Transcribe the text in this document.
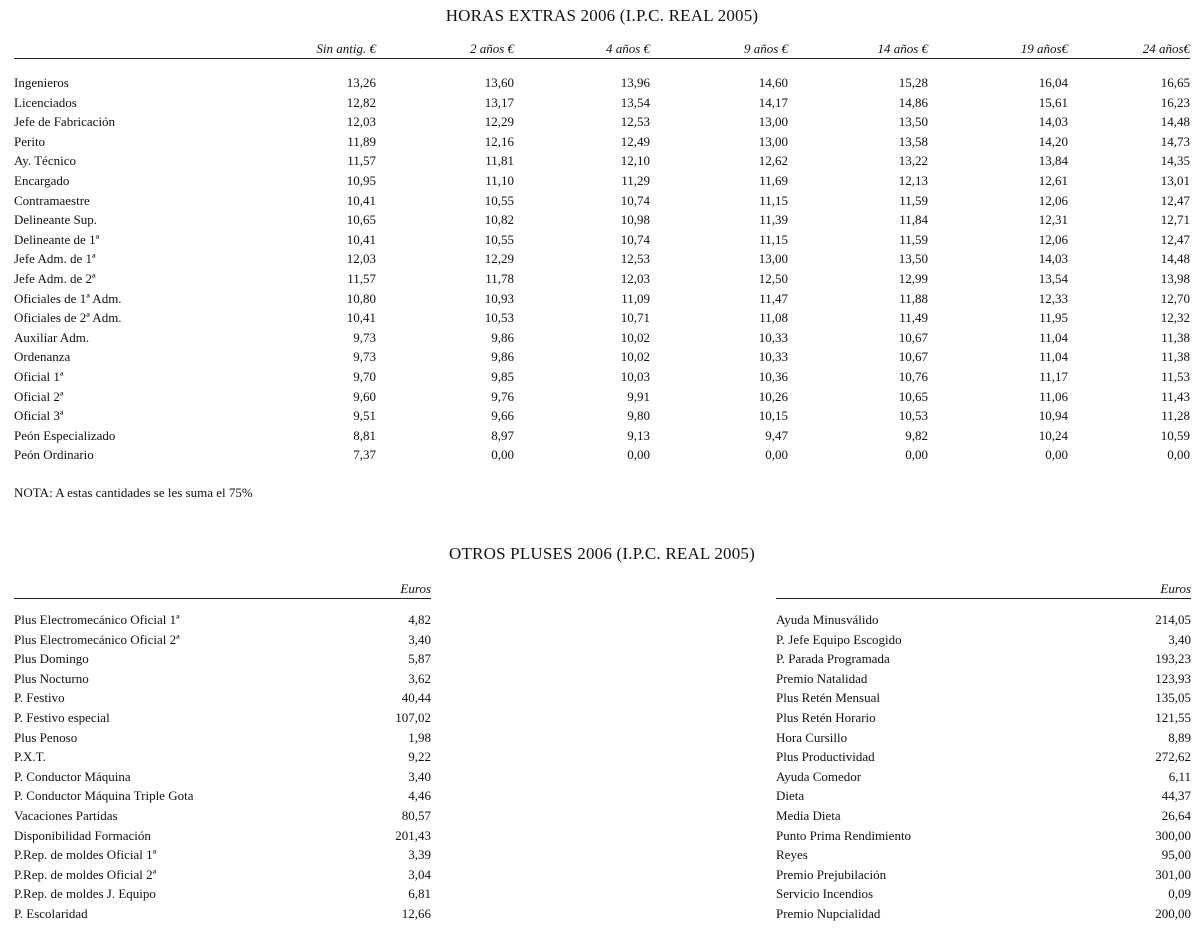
HORAS EXTRAS 2006 (I.P.C. REAL 2005)
	Sin antig. €	2 años €	4 años €	9 años €	14 años €	19 años€	24 años€

Ingenieros	13,26	13,60	13,96	14,60	15,28	16,04	16,65
Licenciados	12,82	13,17	13,54	14,17	14,86	15,61	16,23
Jefe de Fabricación	12,03	12,29	12,53	13,00	13,50	14,03	14,48
Perito	11,89	12,16	12,49	13,00	13,58	14,20	14,73
Ay. Técnico	11,57	11,81	12,10	12,62	13,22	13,84	14,35
Encargado	10,95	11,10	11,29	11,69	12,13	12,61	13,01
Contramaestre	10,41	10,55	10,74	11,15	11,59	12,06	12,47
Delineante Sup.	10,65	10,82	10,98	11,39	11,84	12,31	12,71
Delineante de 1ª	10,41	10,55	10,74	11,15	11,59	12,06	12,47
Jefe Adm. de 1ª	12,03	12,29	12,53	13,00	13,50	14,03	14,48
Jefe Adm. de 2ª	11,57	11,78	12,03	12,50	12,99	13,54	13,98
Oficiales de 1ª Adm.	10,80	10,93	11,09	11,47	11,88	12,33	12,70
Oficiales de 2ª Adm.	10,41	10,53	10,71	11,08	11,49	11,95	12,32
Auxiliar Adm.	9,73	9,86	10,02	10,33	10,67	11,04	11,38
Ordenanza	9,73	9,86	10,02	10,33	10,67	11,04	11,38
Oficial 1ª	9,70	9,85	10,03	10,36	10,76	11,17	11,53
Oficial 2ª	9,60	9,76	9,91	10,26	10,65	11,06	11,43
Oficial 3ª	9,51	9,66	9,80	10,15	10,53	10,94	11,28
Peón Especializado	8,81	8,97	9,13	9,47	9,82	10,24	10,59
Peón Ordinario	7,37	0,00	0,00	0,00	0,00	0,00	0,00
NOTA: A estas cantidades se les suma el 75%
OTROS PLUSES 2006 (I.P.C. REAL 2005)
	Euros

Plus Electromecánico Oficial 1ª	4,82
Plus Electromecánico Oficial 2ª	3,40
Plus Domingo	5,87
Plus Nocturno	3,62
P. Festivo	40,44
P. Festivo especial	107,02
Plus Penoso	1,98
P.X.T.	9,22
P. Conductor Máquina	3,40
P. Conductor Máquina Triple Gota	4,46
Vacaciones Partidas	80,57
Disponibilidad Formación	201,43
P.Rep. de moldes Oficial 1ª	3,39
P.Rep. de moldes Oficial 2ª	3,04
P.Rep. de moldes J. Equipo	6,81
P. Escolaridad	12,66
	Euros

Ayuda Minusválido	214,05
P. Jefe Equipo Escogido	3,40
P. Parada Programada	193,23
Premio Natalidad	123,93
Plus Retén Mensual	135,05
Plus Retén Horario	121,55
Hora Cursillo	8,89
Plus Productividad	272,62
Ayuda Comedor	6,11
Dieta	44,37
Media Dieta	26,64
Punto Prima Rendimiento	300,00
Reyes	95,00
Premio Prejubilación	301,00
Servicio Incendios	0,09
Premio Nupcialidad	200,00
